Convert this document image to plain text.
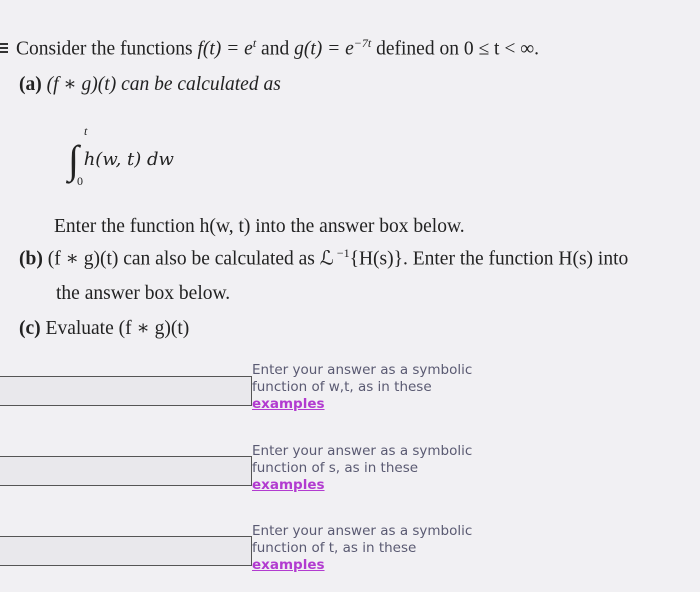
Consider the functions $f(t) = e^t$ and $g(t) = e^{-7t}$ defined on 0 ≤ t < ∞.
(a) (f ∗ g)(t) can be calculated as
t
∫
0
h(w, t) dw
Enter the function h(w, t) into the answer box below.
(b) (f ∗ g)(t) can also be calculated as ℒ $^{-1}${H(s)}. Enter the function H(s) into
the answer box below.
(c) Evaluate (f ∗ g)(t)
Enter your answer as a symbolic
function of w,t, as in these
examples
Enter your answer as a symbolic
function of s, as in these
examples
Enter your answer as a symbolic
function of t, as in these
examples
